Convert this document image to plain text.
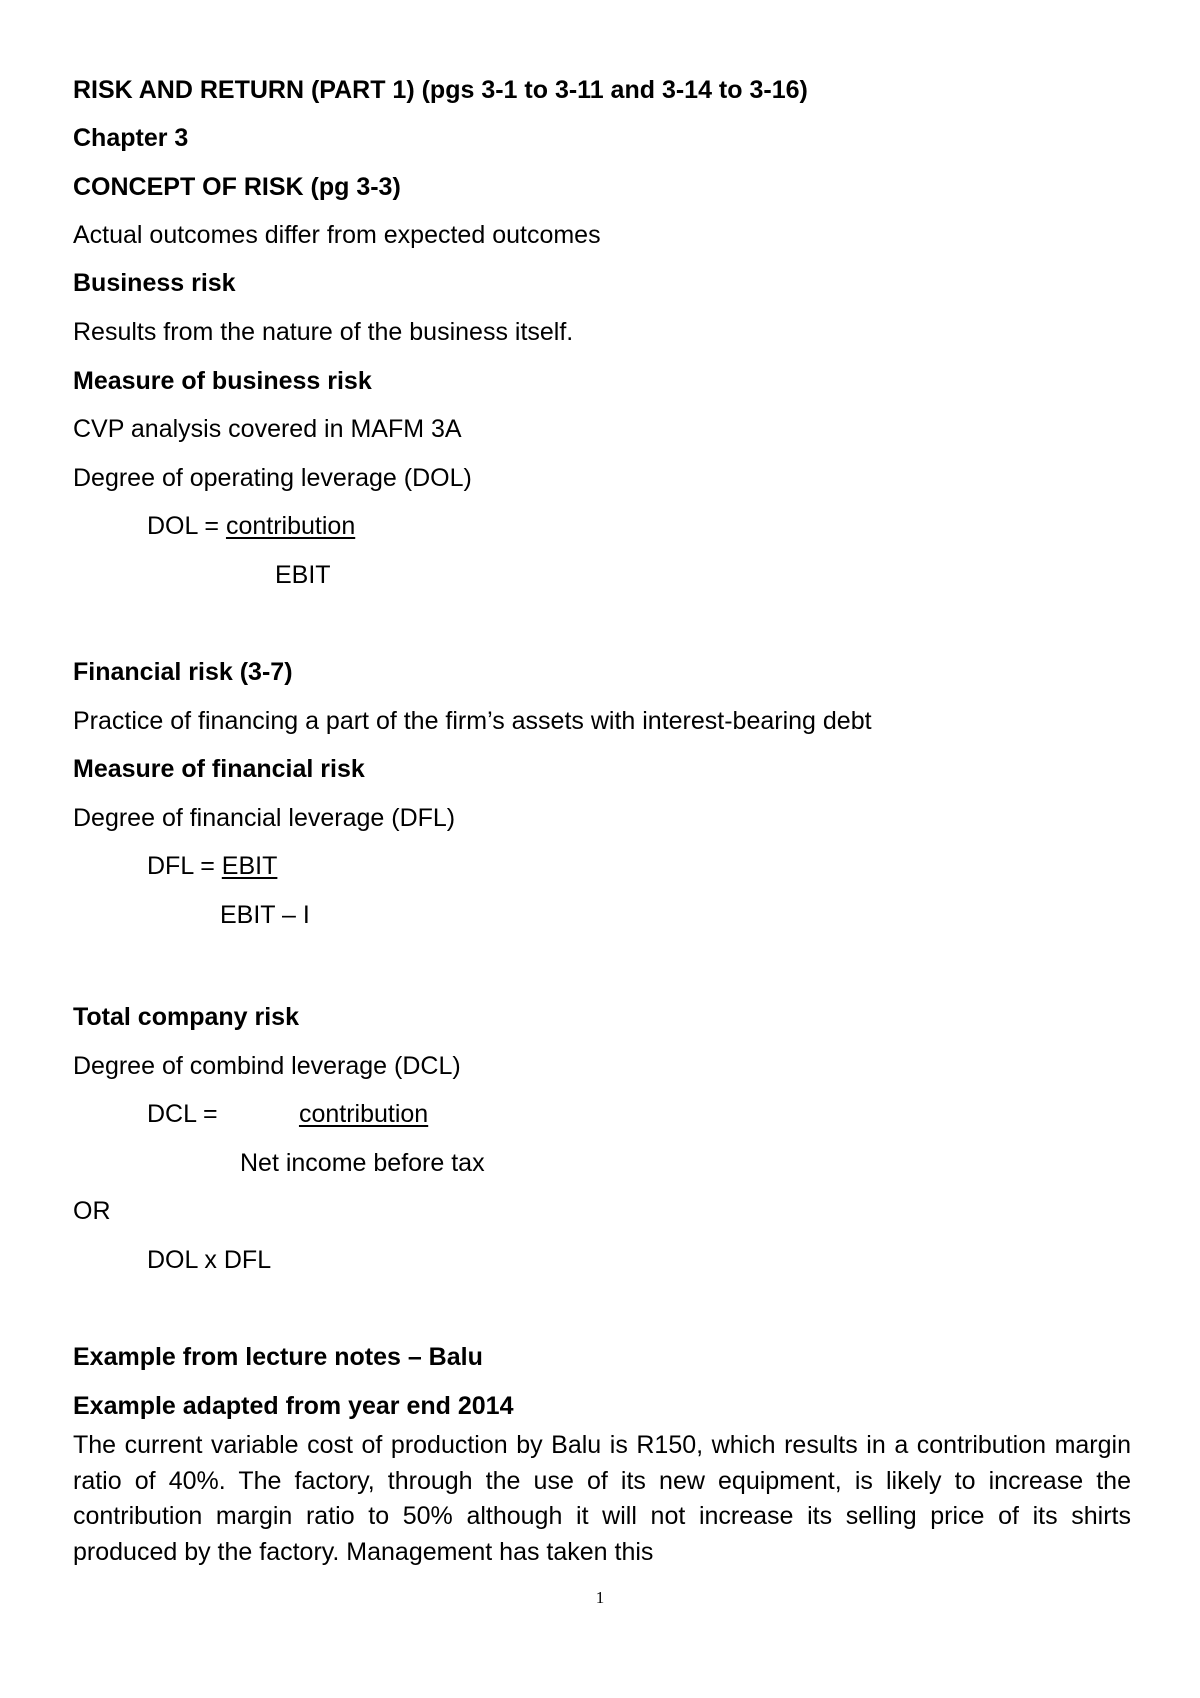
RISK AND RETURN (PART 1) (pgs 3-1 to 3-11 and 3-14 to 3-16)
Chapter 3
CONCEPT OF RISK (pg 3-3)
Actual outcomes differ from expected outcomes
Business risk
Results from the nature of the business itself.
Measure of business risk
CVP analysis covered in MAFM 3A
Degree of operating leverage (DOL)
DOL = contribution
EBIT
Financial risk (3-7)
Practice of financing a part of the firm’s assets with interest-bearing debt
Measure of financial risk
Degree of financial leverage (DFL)
DFL = EBIT
EBIT – I
Total company risk
Degree of combind leverage (DCL)
DCL =	contribution
Net income before tax
OR
DOL x DFL
Example from lecture notes – Balu
Example adapted from year end 2014
The current variable cost of production by Balu is R150, which results in a contribution margin ratio of 40%. The factory, through the use of its new equipment, is likely to increase the contribution margin ratio to 50% although it will not increase its selling price of its shirts produced by the factory. Management has taken this
1
